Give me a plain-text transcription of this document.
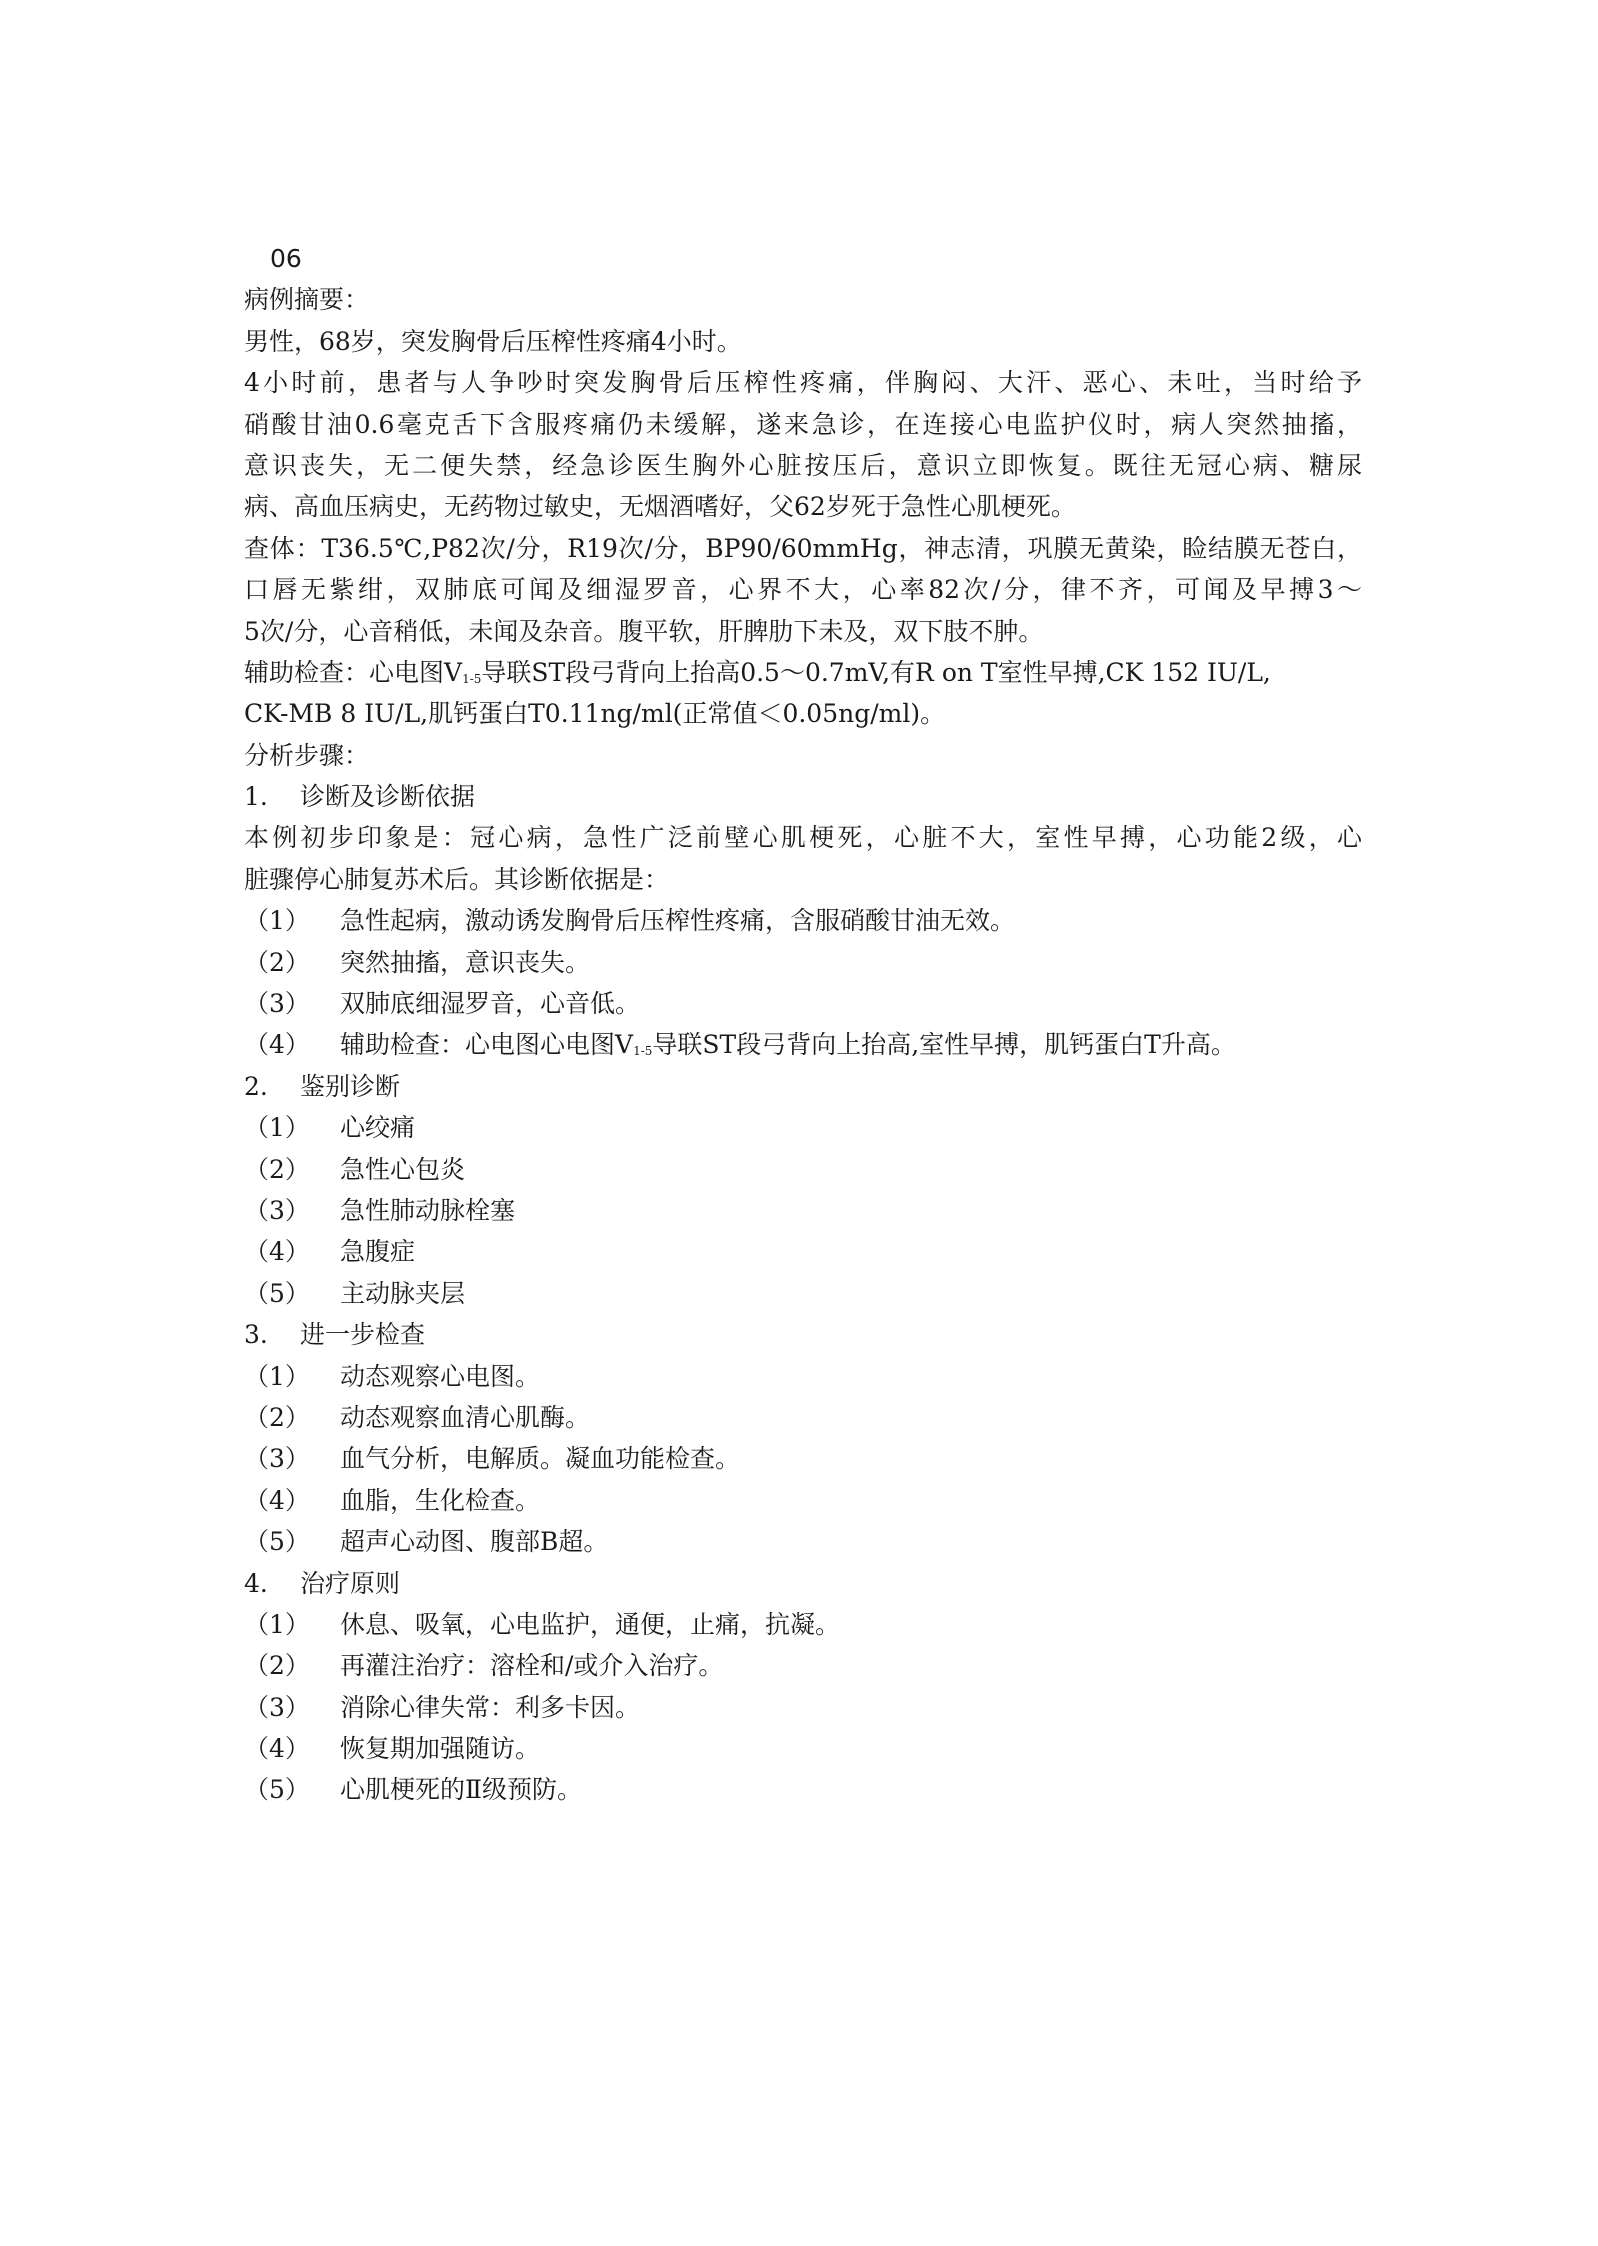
06
病例摘要：
男性，68岁，突发胸骨后压榨性疼痛4小时。
4小时前，患者与人争吵时突发胸骨后压榨性疼痛，伴胸闷、大汗、恶心、未吐，当时给予
硝酸甘油0.6毫克舌下含服疼痛仍未缓解，遂来急诊，在连接心电监护仪时，病人突然抽搐，
意识丧失，无二便失禁，经急诊医生胸外心脏按压后，意识立即恢复。既往无冠心病、糖尿
病、高血压病史，无药物过敏史，无烟酒嗜好，父62岁死于急性心肌梗死。
查体：T36.5℃,P82次/分，R19次/分，BP90/60mmHg，神志清，巩膜无黄染，睑结膜无苍白，
口唇无紫绀，双肺底可闻及细湿罗音，心界不大，心率82次/分，律不齐，可闻及早搏3～
5次/分，心音稍低，未闻及杂音。腹平软，肝脾肋下未及，双下肢不肿。
辅助检查：心电图$V_{1-5}$导联ST段弓背向上抬高0.5～0.7mV,有R on T室性早搏,CK 152 IU/L,
CK-MB 8 IU/L,肌钙蛋白T0.11ng/ml(正常值＜0.05ng/ml)。
分析步骤：
1.	诊断及诊断依据
本例初步印象是：冠心病，急性广泛前壁心肌梗死，心脏不大，室性早搏，心功能2级，心
脏骤停心肺复苏术后。其诊断依据是：
（1）	急性起病，激动诱发胸骨后压榨性疼痛，含服硝酸甘油无效。
（2）	突然抽搐，意识丧失。
（3）	双肺底细湿罗音，心音低。
（4）	辅助检查：心电图心电图$V_{1-5}$导联ST段弓背向上抬高,室性早搏，肌钙蛋白T升高。
2.	鉴别诊断
（1）	心绞痛
（2）	急性心包炎
（3）	急性肺动脉栓塞
（4）	急腹症
（5）	主动脉夹层
3.	进一步检查
（1）	动态观察心电图。
（2）	动态观察血清心肌酶。
（3）	血气分析，电解质。凝血功能检查。
（4）	血脂，生化检查。
（5）	超声心动图、腹部B超。
4.	治疗原则
（1）	休息、吸氧，心电监护，通便，止痛，抗凝。
（2）	再灌注治疗：溶栓和/或介入治疗。
（3）	消除心律失常：利多卡因。
（4）	恢复期加强随访。
（5）	心肌梗死的Ⅱ级预防。
